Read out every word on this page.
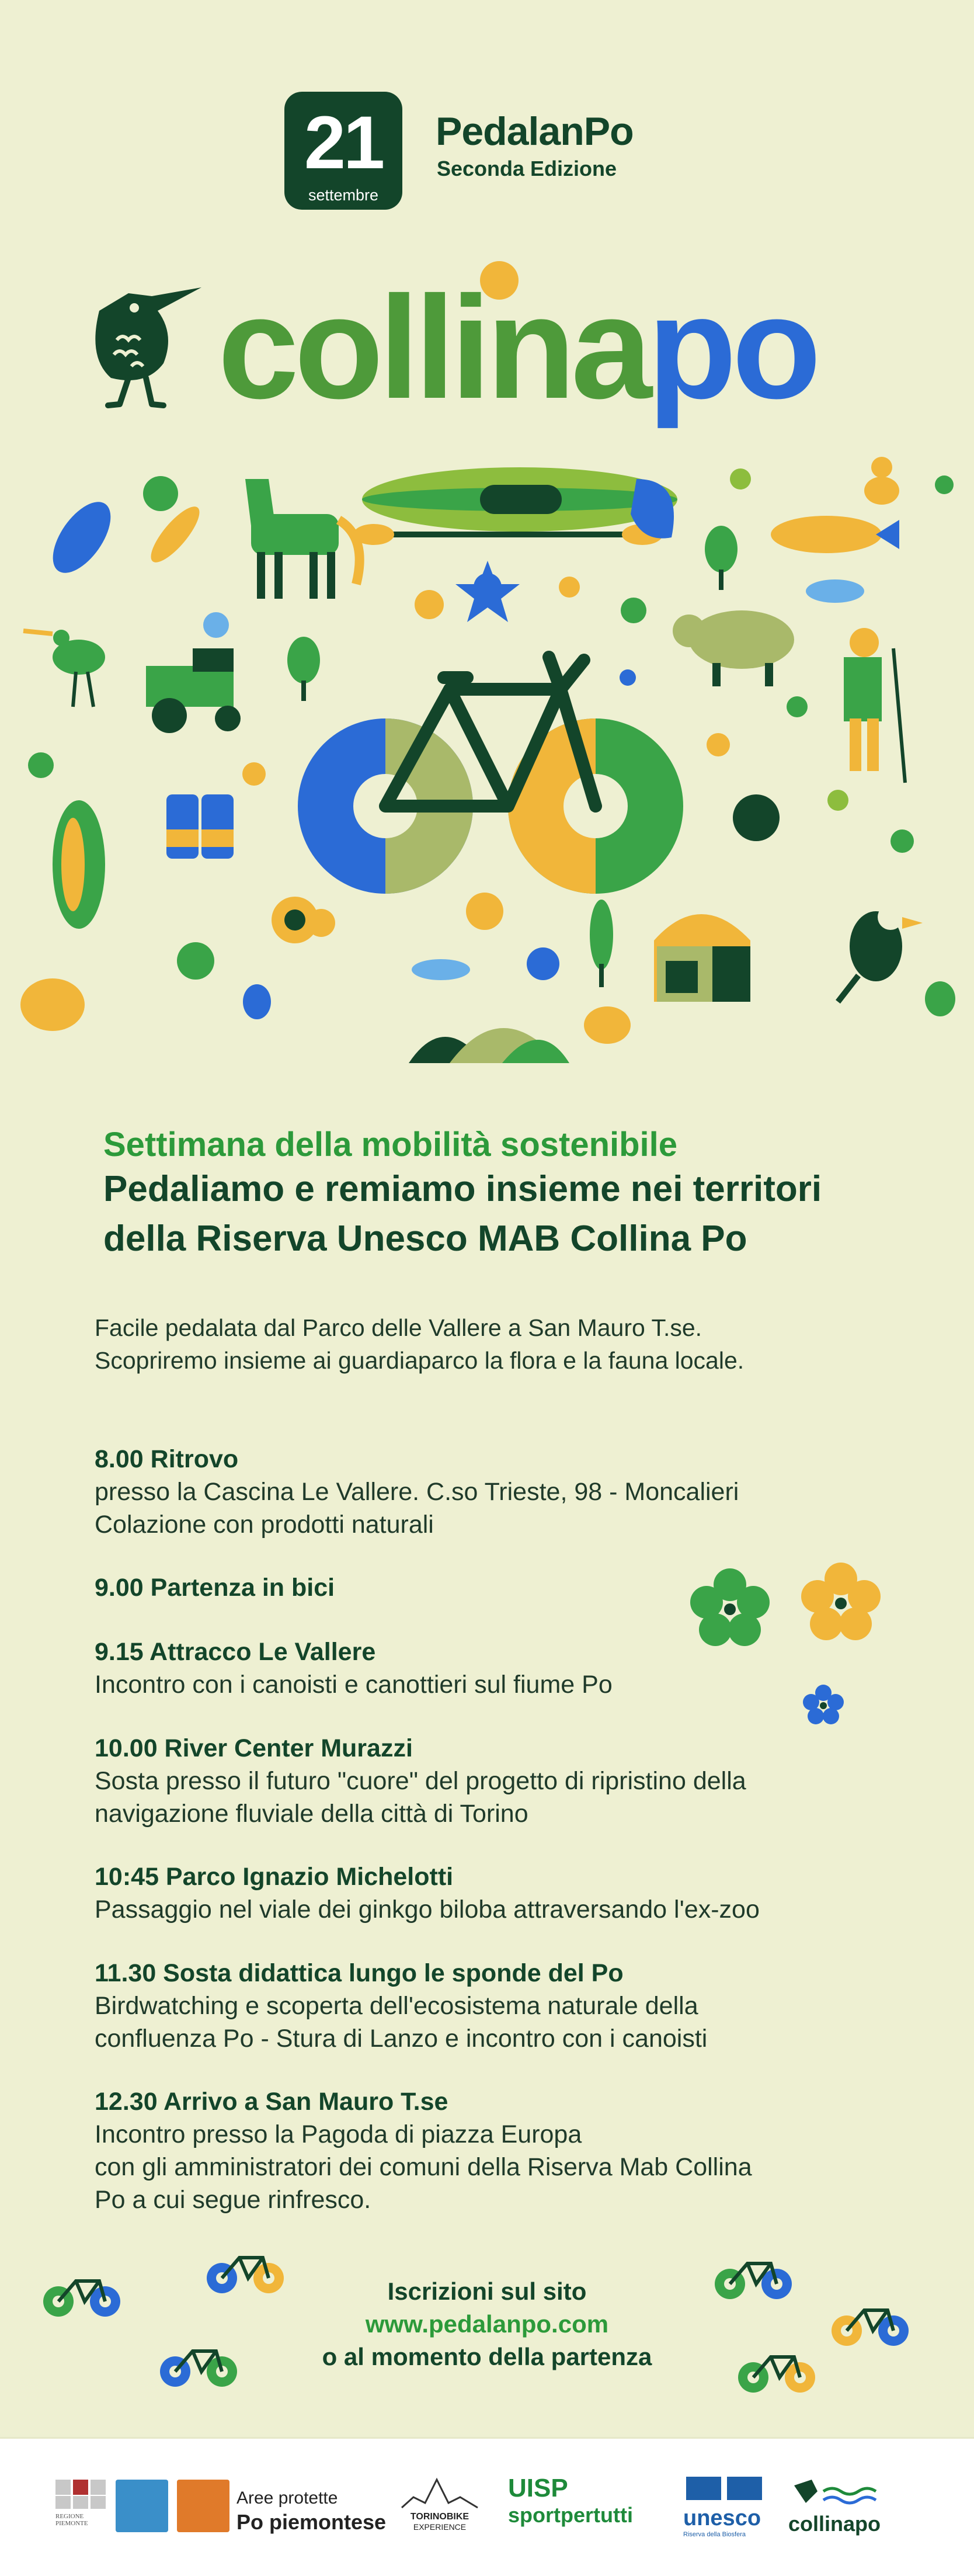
21
settembre
PedalanPo
Seconda Edizione
collinapo
Settimana della mobilità sostenibile
Pedaliamo e remiamo insieme nei territori
della Riserva Unesco MAB Collina Po
Facile pedalata dal Parco delle Vallere a San Mauro T.se.
Scopriremo insieme ai guardiaparco la flora e la fauna locale.
8.00 Ritrovo
presso la Cascina Le Vallere. C.so Trieste, 98 - Moncalieri
Colazione con prodotti naturali
9.00 Partenza in bici
9.15 Attracco Le Vallere
Incontro con i canoisti e canottieri sul fiume Po
10.00 River Center Murazzi
Sosta presso il futuro "cuore" del progetto di ripristino della
navigazione fluviale della città di Torino
10:45 Parco Ignazio Michelotti
Passaggio nel viale dei ginkgo biloba attraversando l'ex-zoo
11.30 Sosta didattica lungo le sponde del Po
Birdwatching e scoperta dell'ecosistema naturale della
confluenza Po - Stura di Lanzo e incontro con i canoisti
12.30 Arrivo a San Mauro T.se
Incontro presso la Pagoda di piazza Europa
con gli amministratori dei comuni della Riserva Mab Collina
Po a cui segue rinfresco.
Iscrizioni sul sito
www.pedalanpo.com
o al momento della partenza
REGIONE
PIEMONTE
Aree protette
Po piemontese	TORINOBIKE
EXPERIENCE
UISP
sportpertutti unesco
Riserva della Biosfera	collinapo
